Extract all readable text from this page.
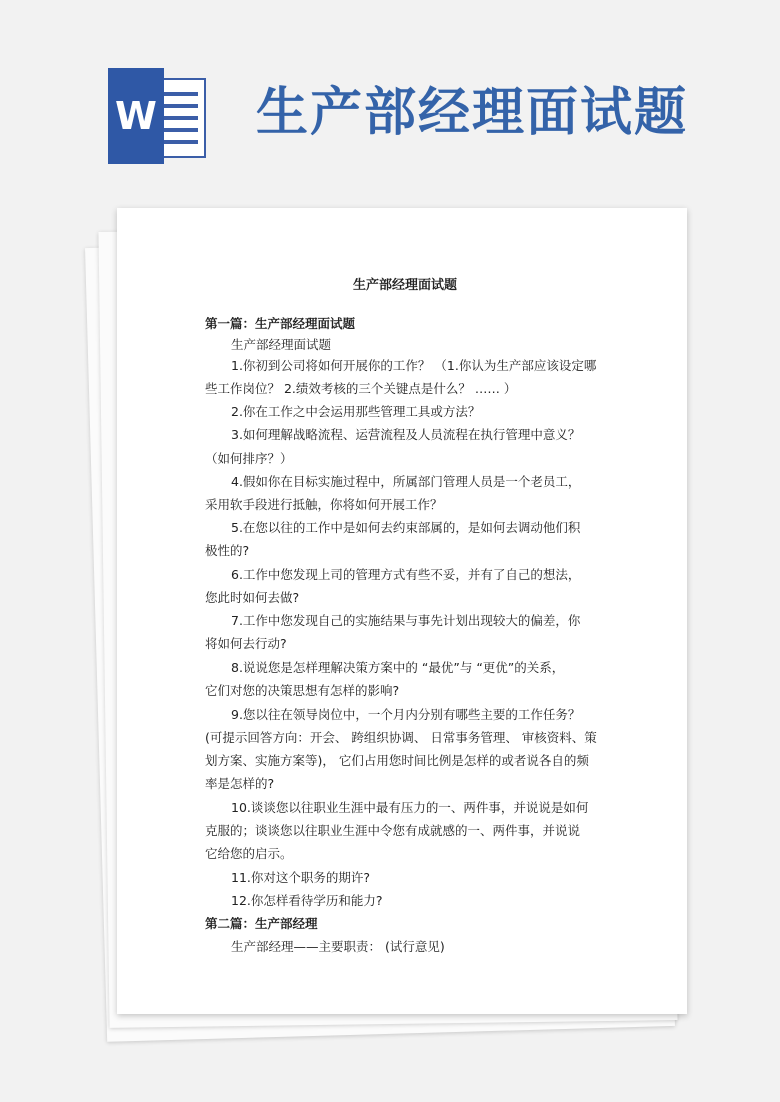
W 生产部经理面试题
生产部经理面试题
第一篇：生产部经理面试题
生产部经理面试题
1.你初到公司将如何开展你的工作？ （1.你认为生产部应该设定哪
些工作岗位？ 2.绩效考核的三个关键点是什么？ …… ）
2.你在工作之中会运用那些管理工具或方法？
3.如何理解战略流程、运营流程及人员流程在执行管理中意义？
（如何排序？）
4.假如你在目标实施过程中，所属部门管理人员是一个老员工，
采用软手段进行抵触，你将如何开展工作？
5.在您以往的工作中是如何去约束部属的，是如何去调动他们积
极性的?
6.工作中您发现上司的管理方式有些不妥，并有了自己的想法，
您此时如何去做?
7.工作中您发现自己的实施结果与事先计划出现较大的偏差，你
将如何去行动?
8.说说您是怎样理解决策方案中的 “最优”与 “更优”的关系，
它们对您的决策思想有怎样的影响?
9.您以往在领导岗位中，一个月内分别有哪些主要的工作任务？
(可提示回答方向：开会、 跨组织协调、 日常事务管理、 审核资料、策
划方案、实施方案等)， 它们占用您时间比例是怎样的或者说各自的频
率是怎样的?
10.谈谈您以往职业生涯中最有压力的一、两件事，并说说是如何
克服的；谈谈您以往职业生涯中令您有成就感的一、两件事，并说说
它给您的启示。
11.你对这个职务的期许?
12.你怎样看待学历和能力?
第二篇：生产部经理
生产部经理——主要职责： (试行意见)
